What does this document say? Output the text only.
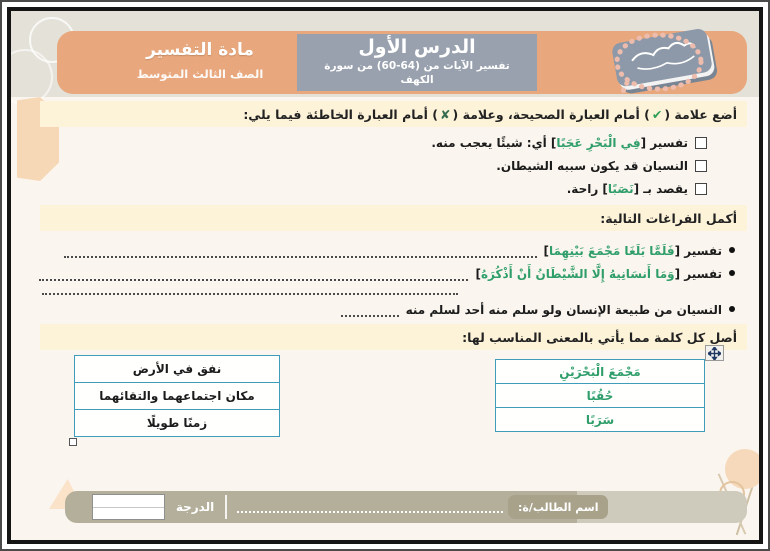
مادة التفسير
الصف الثالث المتوسط
الدرس الأول
تفسير الآيات من (64-60) من سورة الكهف
أضع علامة (✔) أمام العبارة الصحيحة، وعلامة (✘) أمام العبارة الخاطئة فيما يلي:
تفسير [فِي الْبَحْرِ عَجَبًا] أي: شيئًا يعجب منه.
النسيان قد يكون سببه الشيطان.
يقصد بـ [نَصَبًا] راحة.
أكمل الفراغات التالية:
تفسير [فَلَمَّا بَلَغَا مَجْمَعَ بَيْنِهِمَا]
تفسير [وَمَا أَنسَانِيهُ إِلَّا الشَّيْطَانُ أَنْ أَذْكُرَهُ]
النسيان من طبيعة الإنسان ولو سلم منه أحد لسلم منه
أصل كل كلمة مما يأتي بالمعنى المناسب لها:
مَجْمَعَ الْبَحْرَيْنِ
حُقُبًا
سَرَبًا
نفق في الأرض
مكان اجتماعهما والتقائهما
زمنًا طويلًا
الدرجة	اسم الطالب/ة:
